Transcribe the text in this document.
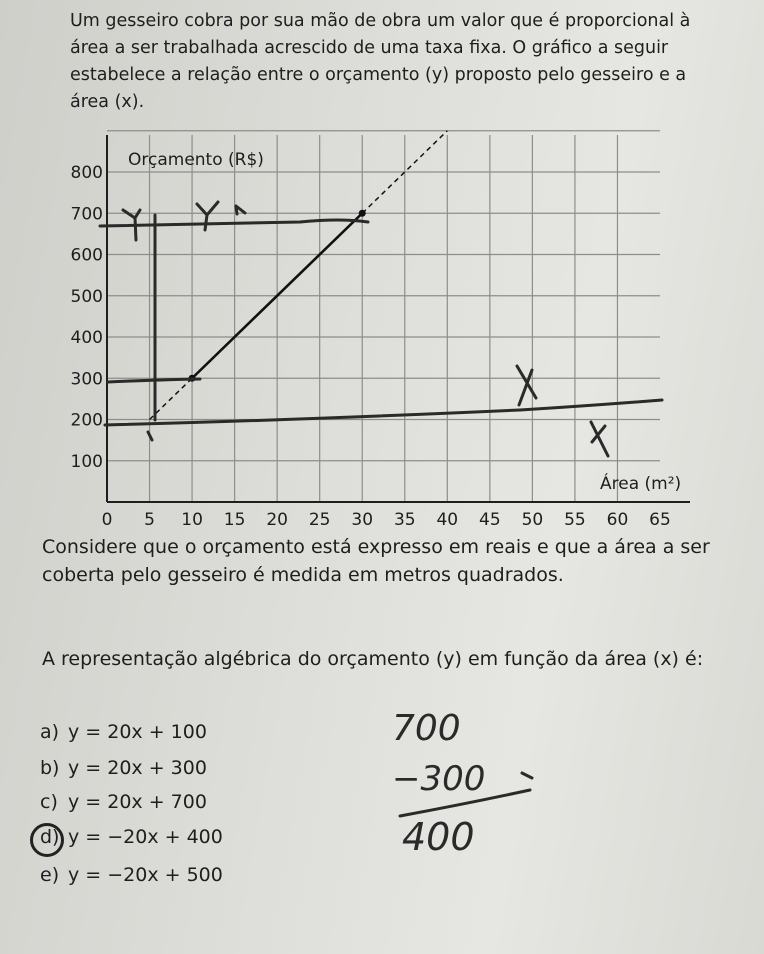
Um gesseiro cobra por sua mão de obra um valor que é proporcional à área a ser trabalhada acrescido de uma taxa fixa. O gráfico a seguir estabelece a relação entre o orçamento (y) proposto pelo gesseiro e a área (x).

0 5 10 15 20 25 30 35 40 45 50 55 60 65
100
200
300
400
500
600
700
800
Orçamento (R$)
Área (m²)

Considere que o orçamento está expresso em reais e que a área a ser coberta pelo gesseiro é medida em metros quadrados.

A representação algébrica do orçamento (y) em função da área (x) é:

a) y = 20x + 100
b) y = 20x + 300
c) y = 20x + 700
d) y = −20x + 400
e) y = −20x + 500
700
−300
400
